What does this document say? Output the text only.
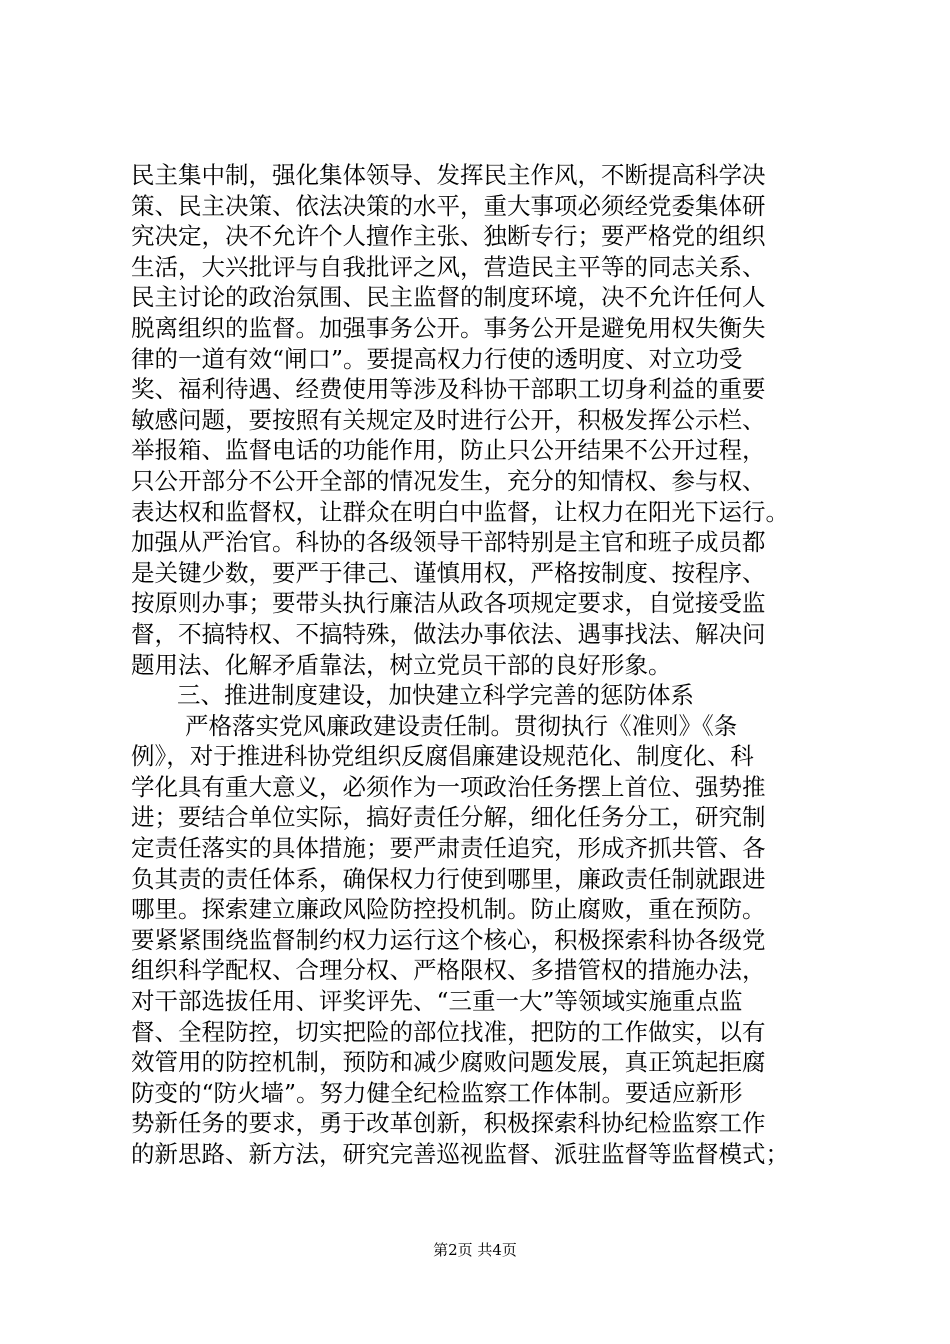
民主集中制，强化集体领导、发挥民主作风，不断提高科学决
策、民主决策、依法决策的水平，重大事项必须经党委集体研
究决定，决不允许个人擅作主张、独断专行；要严格党的组织
生活，大兴批评与自我批评之风，营造民主平等的同志关系、
民主讨论的政治氛围、民主监督的制度环境，决不允许任何人
脱离组织的监督。加强事务公开。事务公开是避免用权失衡失
律的一道有效“闸口”。要提高权力行使的透明度、对立功受
奖、福利待遇、经费使用等涉及科协干部职工切身利益的重要
敏感问题，要按照有关规定及时进行公开，积极发挥公示栏、
举报箱、监督电话的功能作用，防止只公开结果不公开过程，
只公开部分不公开全部的情况发生，充分的知情权、参与权、
表达权和监督权，让群众在明白中监督，让权力在阳光下运行。
加强从严治官。科协的各级领导干部特别是主官和班子成员都
是关键少数，要严于律己、谨慎用权，严格按制度、按程序、
按原则办事；要带头执行廉洁从政各项规定要求，自觉接受监
督，不搞特权、不搞特殊，做法办事依法、遇事找法、解决问
题用法、化解矛盾靠法，树立党员干部的良好形象。
三、推进制度建设，加快建立科学完善的惩防体系
严格落实党风廉政建设责任制。贯彻执行《准则》《条
例》，对于推进科协党组织反腐倡廉建设规范化、制度化、科
学化具有重大意义，必须作为一项政治任务摆上首位、强势推
进；要结合单位实际，搞好责任分解，细化任务分工，研究制
定责任落实的具体措施；要严肃责任追究，形成齐抓共管、各
负其责的责任体系，确保权力行使到哪里，廉政责任制就跟进
哪里。探索建立廉政风险防控投机制。防止腐败，重在预防。
要紧紧围绕监督制约权力运行这个核心，积极探索科协各级党
组织科学配权、合理分权、严格限权、多措管权的措施办法，
对干部选拔任用、评奖评先、“三重一大”等领域实施重点监
督、全程防控，切实把险的部位找准，把防的工作做实，以有
效管用的防控机制，预防和减少腐败问题发展，真正筑起拒腐
防变的“防火墙”。努力健全纪检监察工作体制。要适应新形
势新任务的要求，勇于改革创新，积极探索科协纪检监察工作
的新思路、新方法，研究完善巡视监督、派驻监督等监督模式；
第2页 共4页
